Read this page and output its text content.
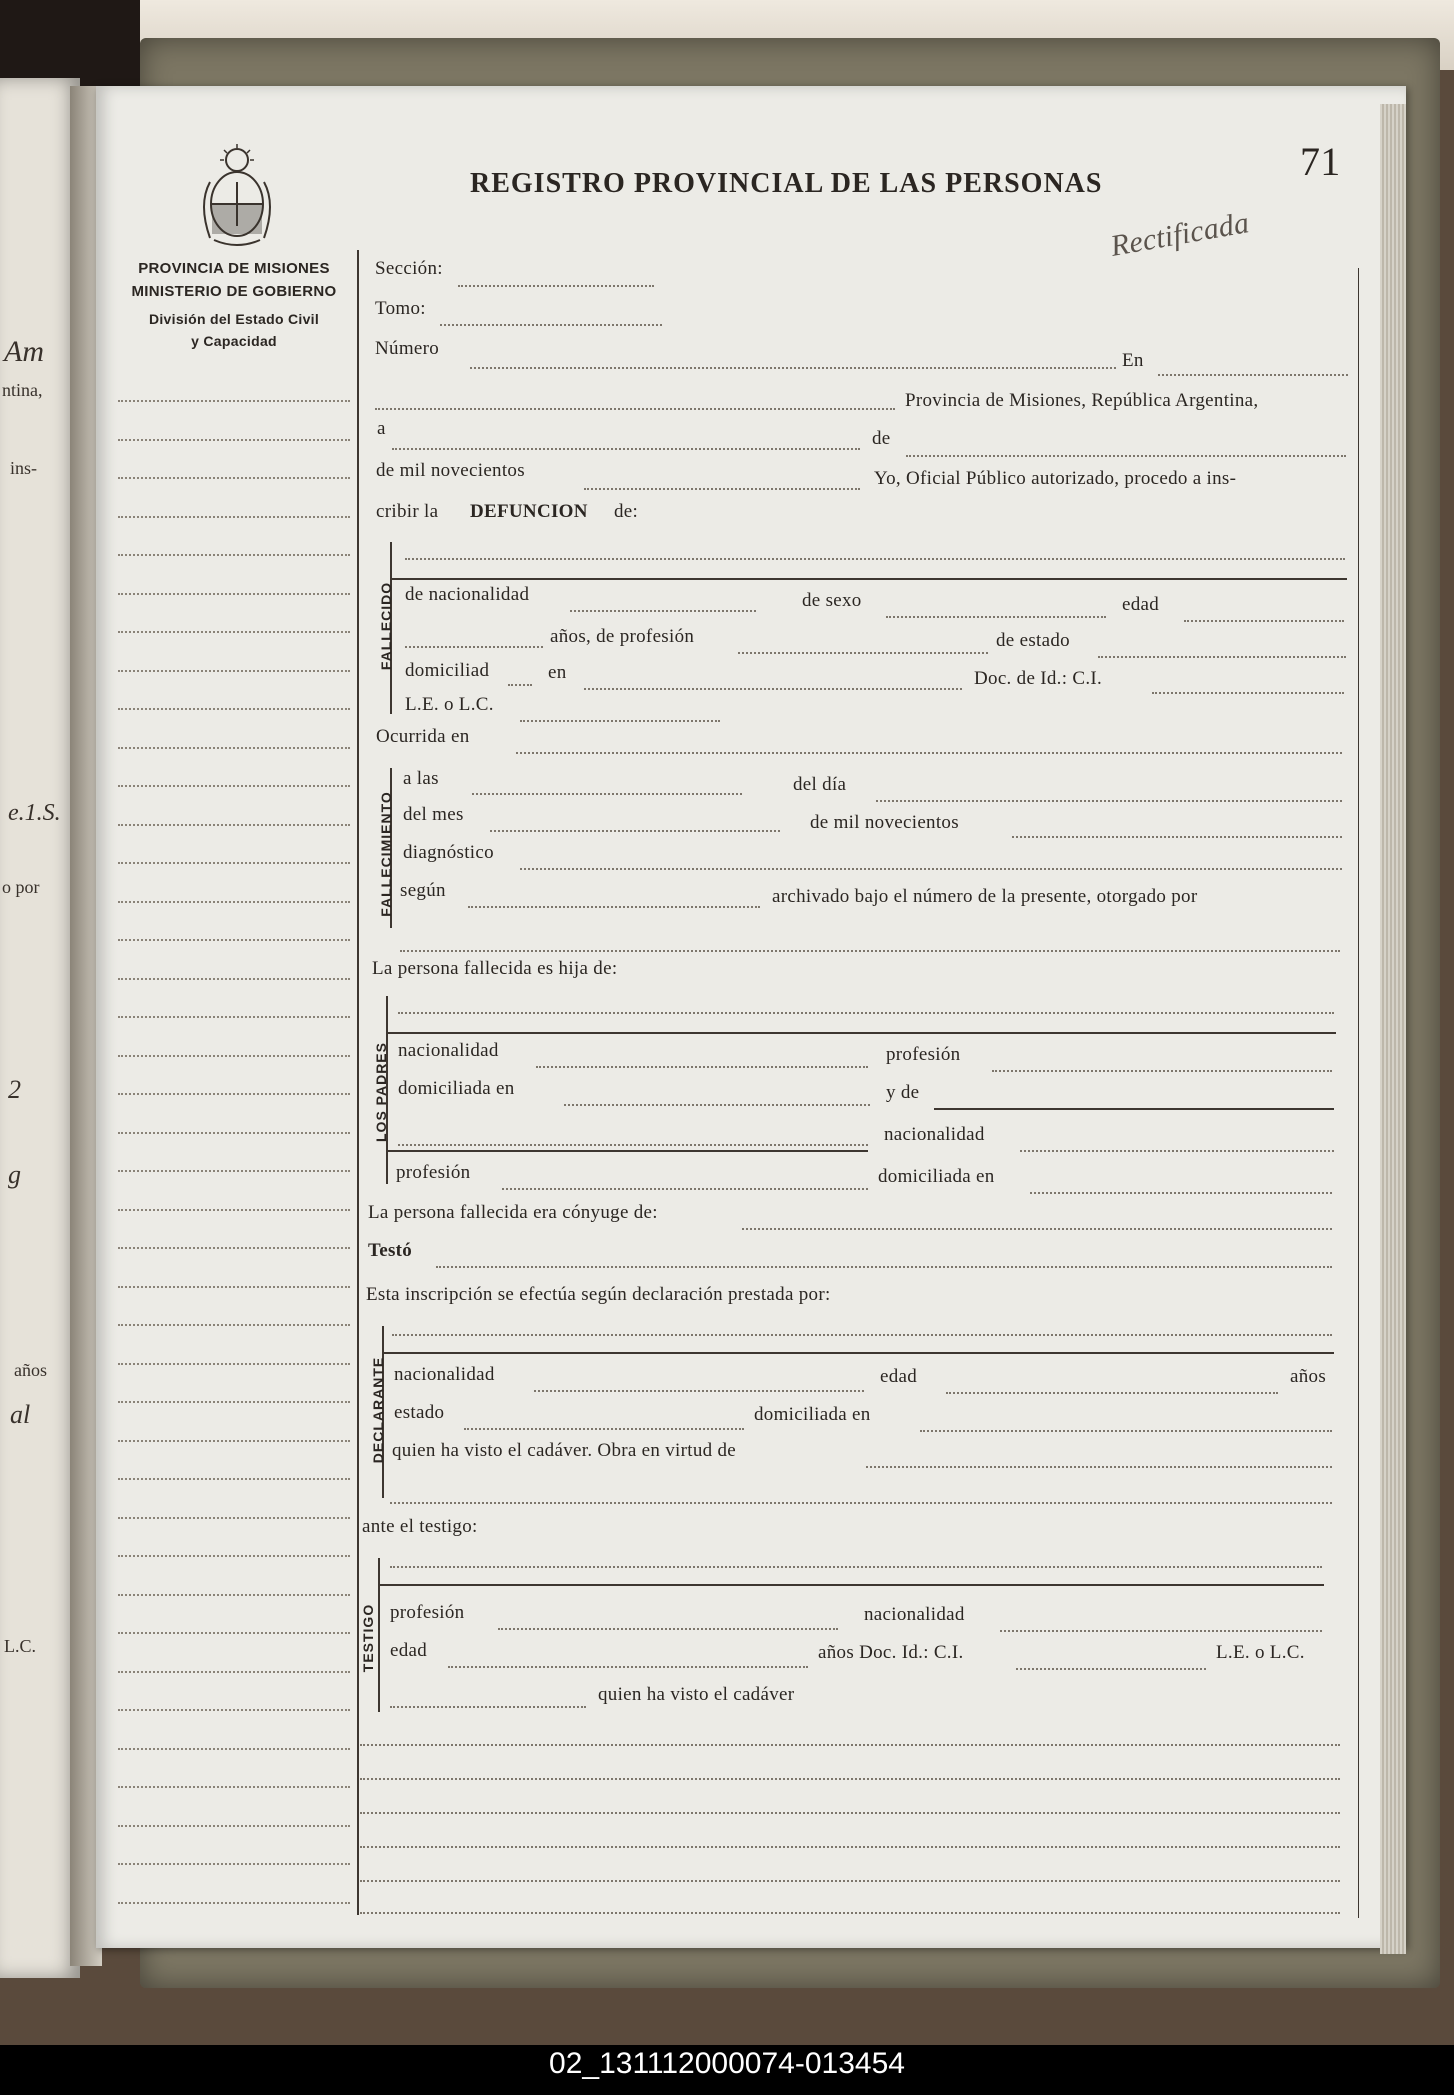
Am
ntina,
ins-
e.1.S.
o por
2
g
años
al
L.C.
PROVINCIA DE MISIONES
MINISTERIO DE GOBIERNO
División del Estado Civil
y Capacidad
REGISTRO PROVINCIAL DE LAS PERSONAS	71
Rectificada
Sección:
Tomo:
Número
En
Provincia de Misiones, República Argentina,
a	de
de mil novecientos	Yo, Oficial Público autorizado, procedo a ins-
cribir la DEFUNCION de:
FALLECIDO de nacionalidad	de sexo	edad
años, de profesión	de estado
domiciliad	en	Doc. de Id.: C.I.
L.E. o L.C.
Ocurrida en
FALLECIMIENTO
a las	del día
del mes	de mil novecientos
diagnóstico
según	archivado bajo el número de la presente, otorgado por
La persona fallecida es hija de:
LOS PADRES nacionalidad	profesión
domiciliada en	y de
nacionalidad
profesión	domiciliada en
La persona fallecida era cónyuge de:
Testó
Esta inscripción se efectúa según declaración prestada por:
DECLARANTE nacionalidad	edad	años
estado	domiciliada en
quien ha visto el cadáver. Obra en virtud de
ante el testigo:
TESTIGO profesión	nacionalidad
edad	años Doc. Id.: C.I.	L.E. o L.C.
quien ha visto el cadáver
02_131112000074-013454
